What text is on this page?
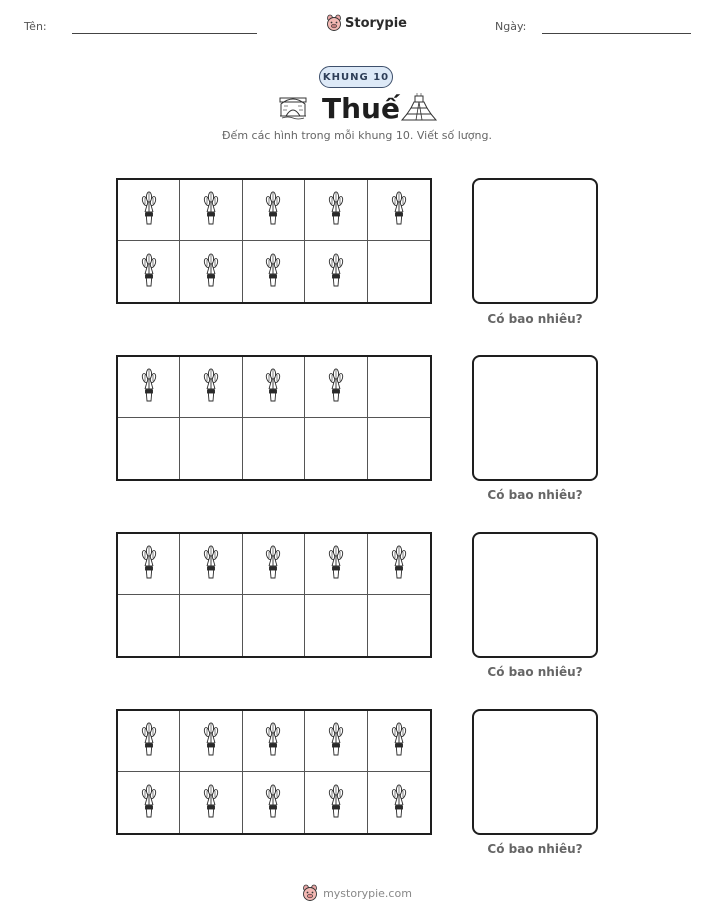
Tên:	Storypie	Ngày:
KHUNG 10
Thuế
Đếm các hình trong mỗi khung 10. Viết số lượng.
Có bao nhiêu?
Có bao nhiêu?
Có bao nhiêu?
Có bao nhiêu?
mystorypie.com
